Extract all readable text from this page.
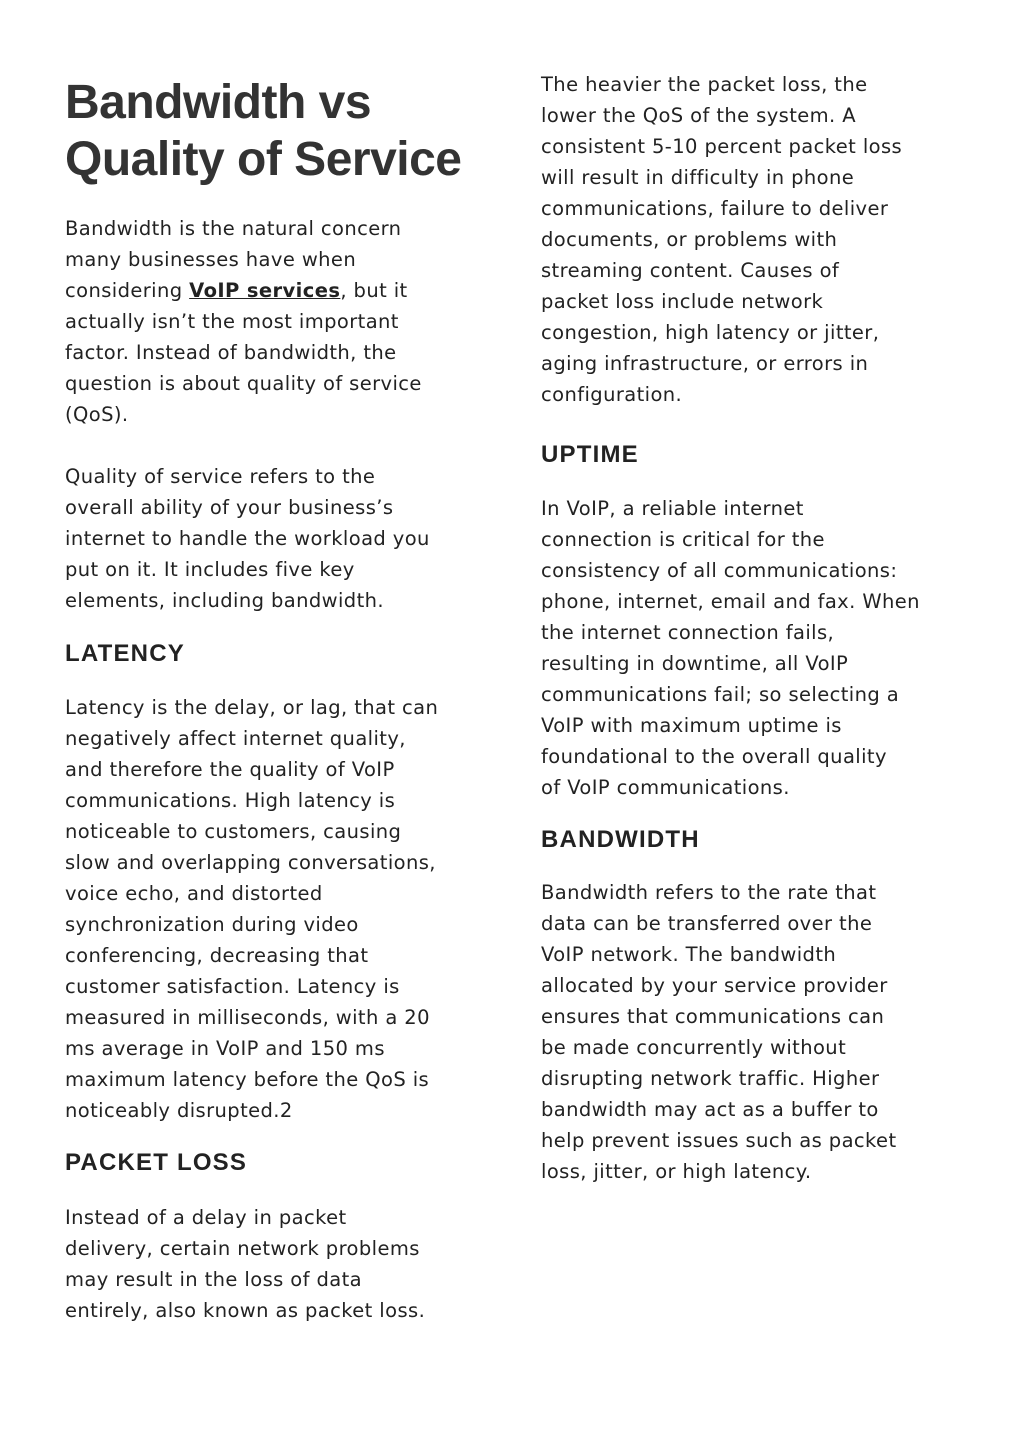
Bandwidth vs
Quality of Service

Bandwidth is the natural concern
many businesses have when
considering VoIP services, but it
actually isn’t the most important
factor. Instead of bandwidth, the
question is about quality of service
(QoS).

Quality of service refers to the
overall ability of your business’s
internet to handle the workload you
put on it. It includes five key
elements, including bandwidth.

LATENCY

Latency is the delay, or lag, that can
negatively affect internet quality,
and therefore the quality of VoIP
communications. High latency is
noticeable to customers, causing
slow and overlapping conversations,
voice echo, and distorted
synchronization during video
conferencing, decreasing that
customer satisfaction. Latency is
measured in milliseconds, with a 20
ms average in VoIP and 150 ms
maximum latency before the QoS is
noticeably disrupted.2

PACKET LOSS

Instead of a delay in packet
delivery, certain network problems
may result in the loss of data
entirely, also known as packet loss.

The heavier the packet loss, the
lower the QoS of the system. A
consistent 5-10 percent packet loss
will result in difficulty in phone
communications, failure to deliver
documents, or problems with
streaming content. Causes of
packet loss include network
congestion, high latency or jitter,
aging infrastructure, or errors in
configuration.

UPTIME

In VoIP, a reliable internet
connection is critical for the
consistency of all communications:
phone, internet, email and fax. When
the internet connection fails,
resulting in downtime, all VoIP
communications fail; so selecting a
VoIP with maximum uptime is
foundational to the overall quality
of VoIP communications.

BANDWIDTH

Bandwidth refers to the rate that
data can be transferred over the
VoIP network. The bandwidth
allocated by your service provider
ensures that communications can
be made concurrently without
disrupting network traffic. Higher
bandwidth may act as a buffer to
help prevent issues such as packet
loss, jitter, or high latency.
